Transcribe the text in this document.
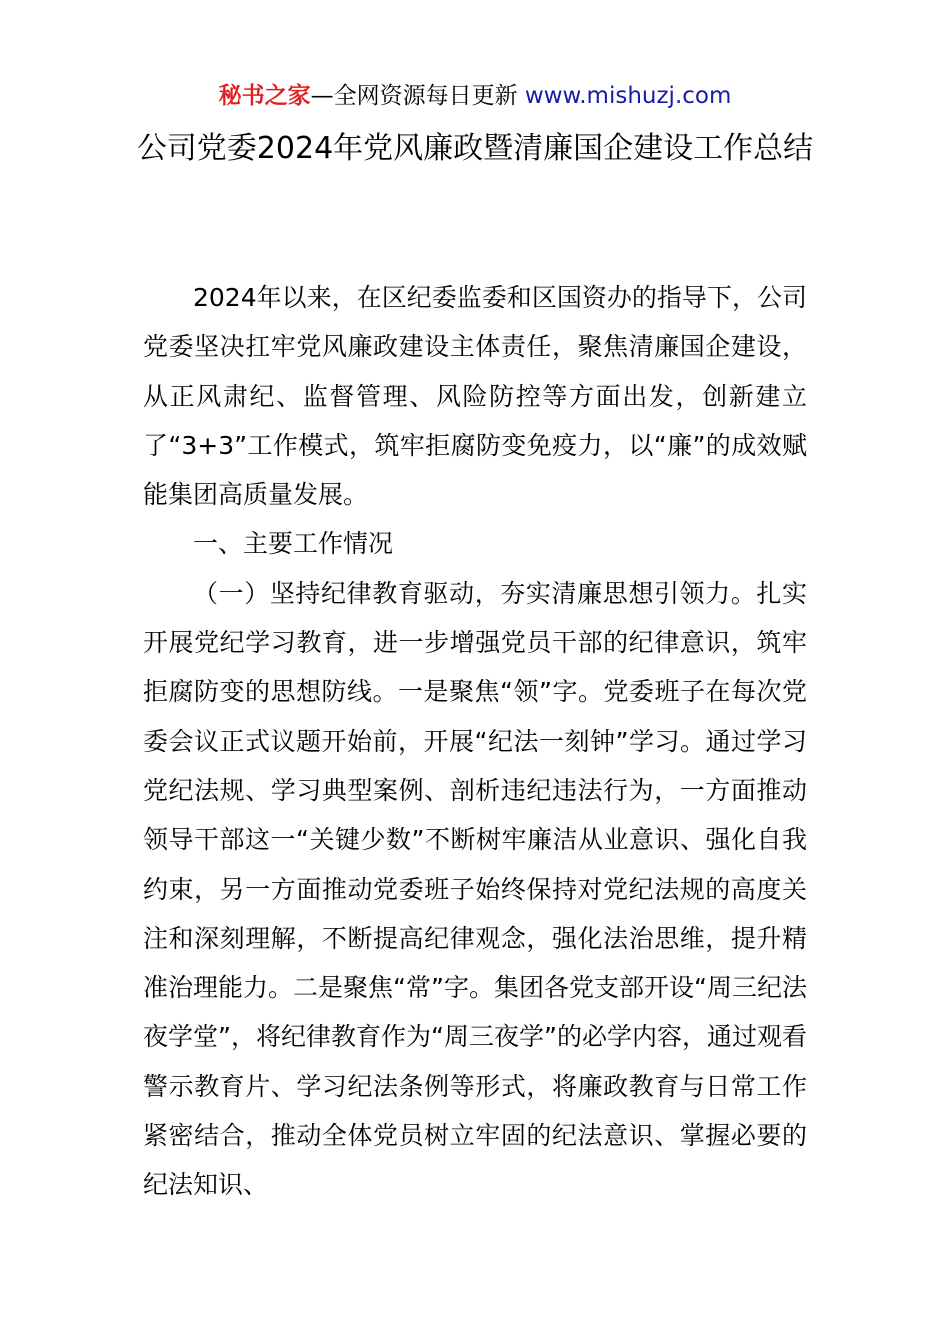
秘书之家—全网资源每日更新 www.mishuzj.com
公司党委2024年党风廉政暨清廉国企建设工作总结

2024年以来，在区纪委监委和区国资办的指导下，公司党委坚决扛牢党风廉政建设主体责任，聚焦清廉国企建设，从正风肃纪、监督管理、风险防控等方面出发，创新建立了“3+3”工作模式，筑牢拒腐防变免疫力，以“廉”的成效赋能集团高质量发展。

一、主要工作情况

（一）坚持纪律教育驱动，夯实清廉思想引领力。扎实开展党纪学习教育，进一步增强党员干部的纪律意识，筑牢拒腐防变的思想防线。一是聚焦“领”字。党委班子在每次党委会议正式议题开始前，开展“纪法一刻钟”学习。通过学习党纪法规、学习典型案例、剖析违纪违法行为，一方面推动领导干部这一“关键少数”不断树牢廉洁从业意识、强化自我约束，另一方面推动党委班子始终保持对党纪法规的高度关注和深刻理解，不断提高纪律观念，强化法治思维，提升精准治理能力。二是聚焦“常”字。集团各党支部开设“周三纪法夜学堂”，将纪律教育作为“周三夜学”的必学内容，通过观看警示教育片、学习纪法条例等形式，将廉政教育与日常工作紧密结合，推动全体党员树立牢固的纪法意识、掌握必要的纪法知识、
